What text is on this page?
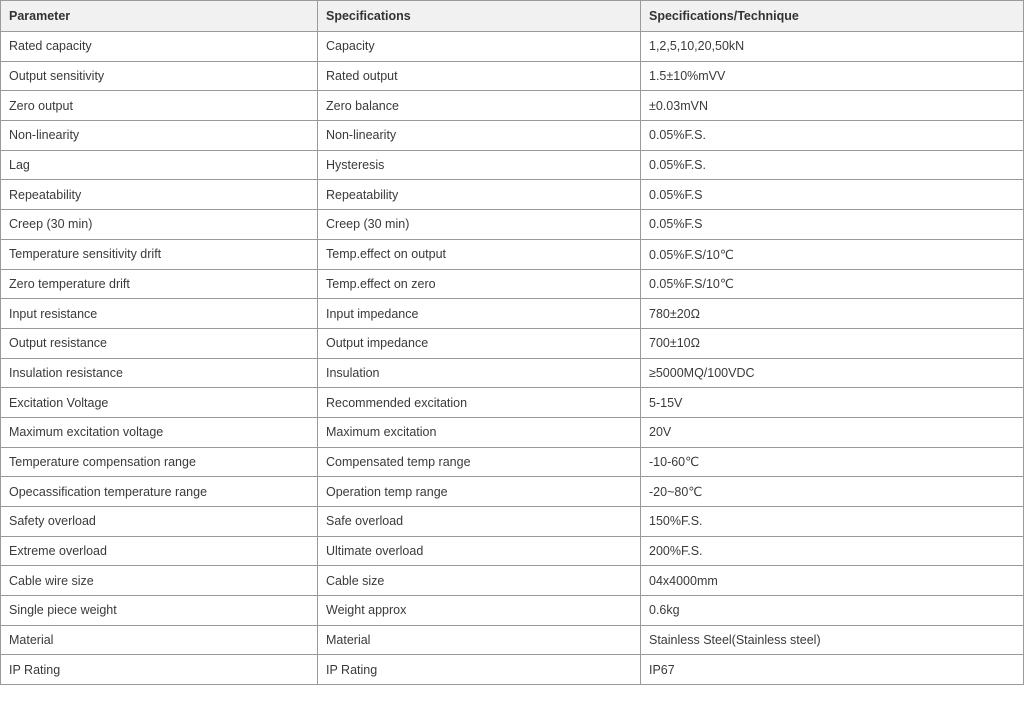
Parameter	Specifications	Specifications/Technique
Rated capacity	Capacity	1,2,5,10,20,50kN
Output sensitivity	Rated output	1.5±10%mVV
Zero output	Zero balance	±0.03mVN
Non-linearity	Non-linearity	0.05%F.S.
Lag	Hysteresis	0.05%F.S.
Repeatability	Repeatability	0.05%F.S
Creep (30 min)	Creep (30 min)	0.05%F.S
Temperature sensitivity drift	Temp.effect on output	0.05%F.S/10℃
Zero temperature drift	Temp.effect on zero	0.05%F.S/10℃
Input resistance	Input impedance	780±20Ω
Output resistance	Output impedance	700±10Ω
Insulation resistance	Insulation	≥5000MQ/100VDC
Excitation Voltage	Recommended excitation	5-15V
Maximum excitation voltage	Maximum excitation	20V
Temperature compensation range	Compensated temp range	-10-60℃
Opecassification temperature range	Operation temp range	-20~80℃
Safety overload	Safe overload	150%F.S.
Extreme overload	Ultimate overload	200%F.S.
Cable wire size	Cable size	04x4000mm
Single piece weight	Weight approx	0.6kg
Material	Material	Stainless Steel(Stainless steel)
IP Rating	IP Rating	IP67
